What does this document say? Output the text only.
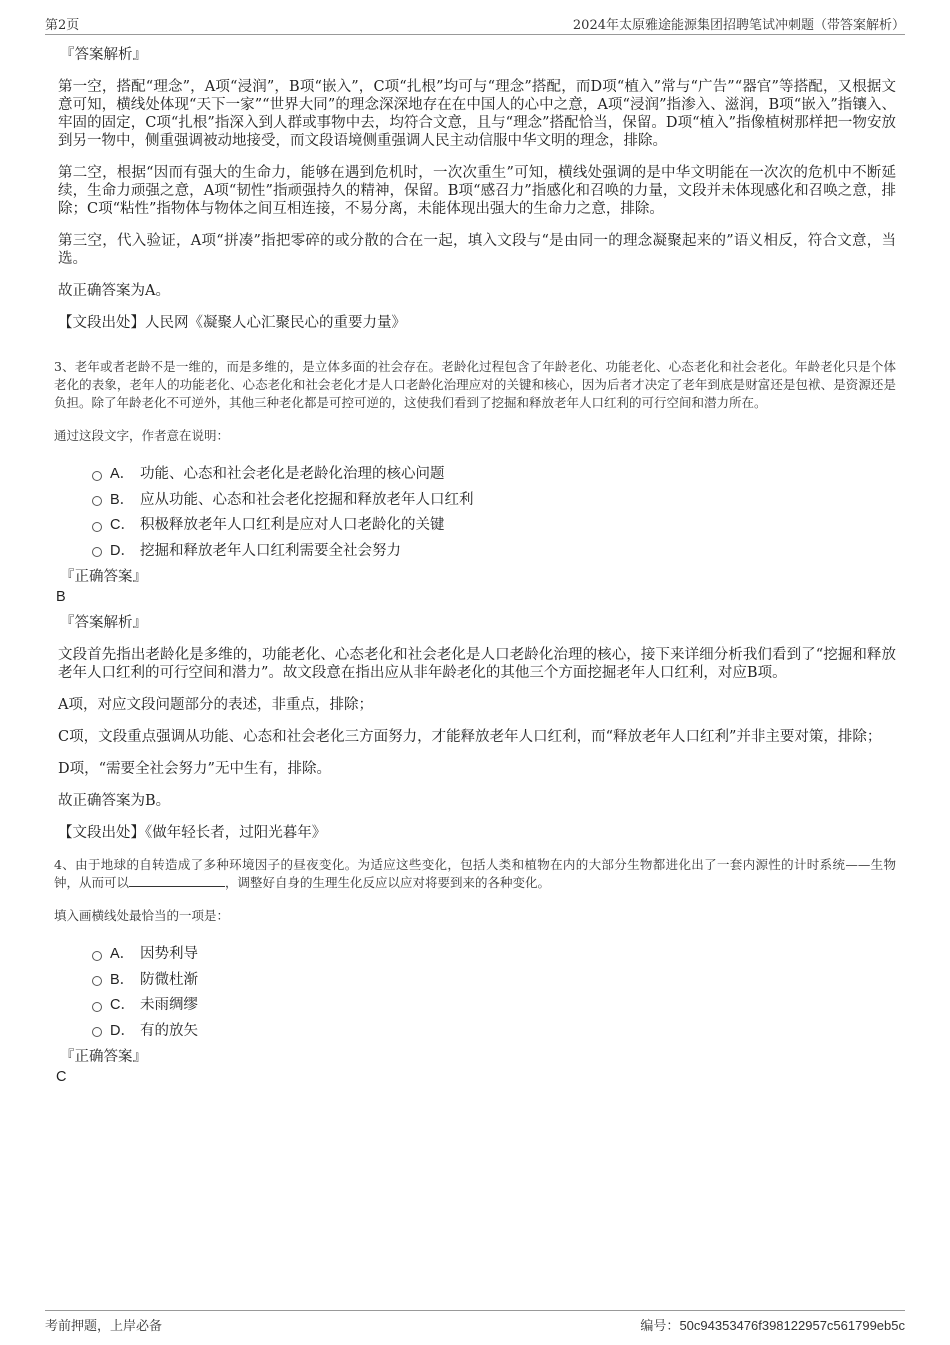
第2页	2024年太原雅途能源集团招聘笔试冲刺题（带答案解析）
『答案解析』

第一空，搭配“理念”，A项“浸润”，B项“嵌入”，C项“扎根”均可与“理念”搭配，而D项“植入”常与“广告”“器官”等搭配，又根据文意可知，横线处体现“天下一家”“世界大同”的理念深深地存在在中国人的心中之意，A项“浸润”指渗入、滋润，B项“嵌入”指镶入、牢固的固定，C项“扎根”指深入到人群或事物中去，均符合文意，且与“理念”搭配恰当，保留。D项“植入”指像植树那样把一物安放到另一物中，侧重强调被动地接受，而文段语境侧重强调人民主动信服中华文明的理念，排除。

第二空，根据“因而有强大的生命力，能够在遇到危机时，一次次重生”可知，横线处强调的是中华文明能在一次次的危机中不断延续，生命力顽强之意，A项“韧性”指顽强持久的精神，保留。B项“感召力”指感化和召唤的力量，文段并未体现感化和召唤之意，排除；C项“粘性”指物体与物体之间互相连接，不易分离，未能体现出强大的生命力之意，排除。

第三空，代入验证，A项“拼凑”指把零碎的或分散的合在一起，填入文段与“是由同一的理念凝聚起来的”语义相反，符合文意，当选。

故正确答案为A。

【文段出处】人民网《凝聚人心汇聚民心的重要力量》

3、老年或者老龄不是一维的，而是多维的，是立体多面的社会存在。老龄化过程包含了年龄老化、功能老化、心态老化和社会老化。年龄老化只是个体老化的表象，老年人的功能老化、心态老化和社会老化才是人口老龄化治理应对的关键和核心，因为后者才决定了老年到底是财富还是包袱、是资源还是负担。除了年龄老化不可逆外，其他三种老化都是可控可逆的，这使我们看到了挖掘和释放老年人口红利的可行空间和潜力所在。
通过这段文字，作者意在说明：
A． 功能、心态和社会老化是老龄化治理的核心问题
B． 应从功能、心态和社会老化挖掘和释放老年人口红利
C． 积极释放老年人口红利是应对人口老龄化的关键
D． 挖掘和释放老年人口红利需要全社会努力
『正确答案』
B
『答案解析』

文段首先指出老龄化是多维的，功能老化、心态老化和社会老化是人口老龄化治理的核心，接下来详细分析我们看到了“挖掘和释放老年人口红利的可行空间和潜力”。故文段意在指出应从非年龄老化的其他三个方面挖掘老年人口红利，对应B项。

A项，对应文段问题部分的表述，非重点，排除；

C项，文段重点强调从功能、心态和社会老化三方面努力，才能释放老年人口红利，而“释放老年人口红利”并非主要对策，排除；

D项，“需要全社会努力”无中生有，排除。

故正确答案为B。

【文段出处】《做年轻长者，过阳光暮年》

4、由于地球的自转造成了多种环境因子的昼夜变化。为适应这些变化，包括人类和植物在内的大部分生物都进化出了一套内源性的计时系统——生物钟，从而可以	，调整好自身的生理生化反应以应对将要到来的各种变化。
填入画横线处最恰当的一项是：
A． 因势利导
B． 防微杜渐
C． 未雨绸缪
D． 有的放矢
『正确答案』
C
考前押题，上岸必备	编号：50c94353476f398122957c561799eb5c
